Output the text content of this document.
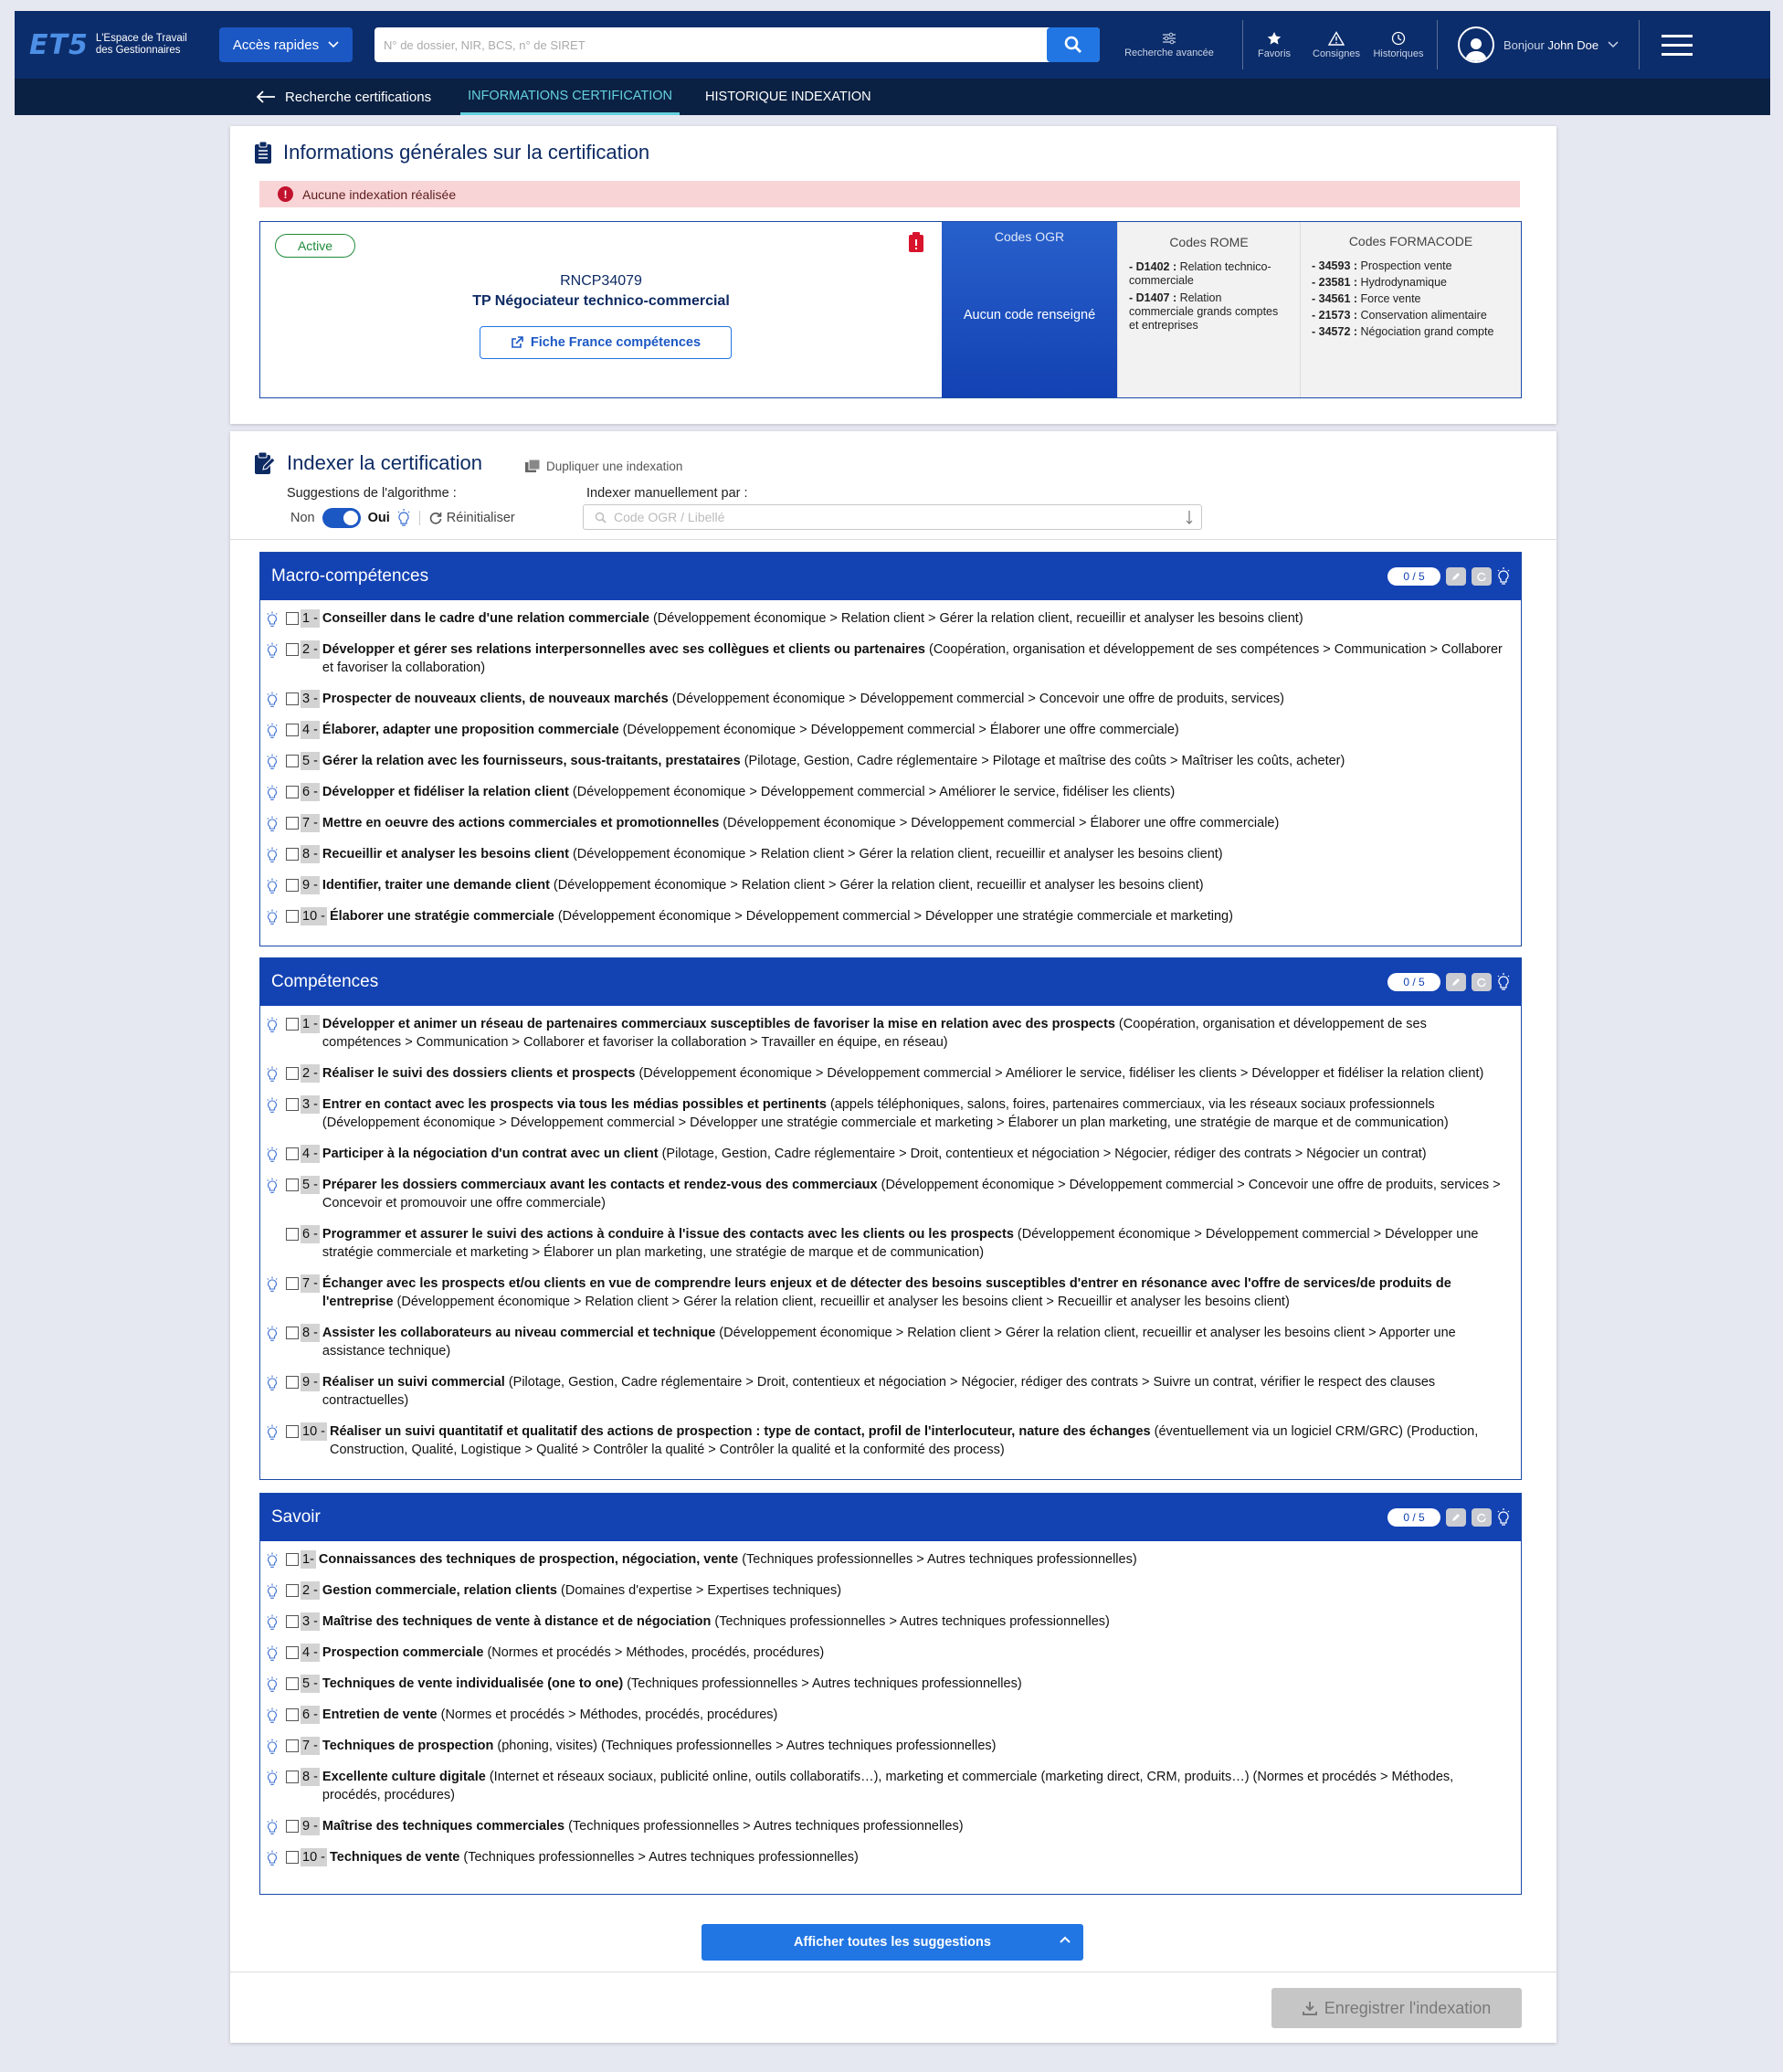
ET5 L'Espace de Travail des Gestionnaires	Accès rapides
N° de dossier, NIR, BCS, n° de SIRET	Recherche avancée	Favoris Consignes Historiques
Bonjour John Doe
Recherche certifications	INFORMATIONS CERTIFICATION	HISTORIQUE INDEXATION
Informations générales sur la certification
!	Aucune indexation réalisée
Active
RNCP34079
TP Négociateur technico-commercial
Fiche France compétences
Codes OGR
Aucun code renseigné
Codes ROME
- D1402 : Relation technico-commerciale
- D1407 : Relation commerciale grands comptes et entreprises
Codes FORMACODE
- 34593 : Prospection vente
- 23581 : Hydrodynamique
- 34561 : Force vente
- 21573 : Conservation alimentaire
- 34572 : Négociation grand compte
Indexer la certification	Dupliquer une indexation
Suggestions de l'algorithme :
Non	Oui	Réinitialiser
Indexer manuellement par :
Code OGR / Libellé
Macro-compétences	0 / 5
1 - Conseiller dans le cadre d'une relation commerciale (Développement économique > Relation client > Gérer la relation client, recueillir et analyser les besoins client)
2 - Développer et gérer ses relations interpersonnelles avec ses collègues et clients ou partenaires (Coopération, organisation et développement de ses compétences > Communication > Collaborer et favoriser la collaboration)
3 - Prospecter de nouveaux clients, de nouveaux marchés (Développement économique > Développement commercial > Concevoir une offre de produits, services)
4 - Élaborer, adapter une proposition commerciale (Développement économique > Développement commercial > Élaborer une offre commerciale)
5 - Gérer la relation avec les fournisseurs, sous-traitants, prestataires (Pilotage, Gestion, Cadre réglementaire > Pilotage et maîtrise des coûts > Maîtriser les coûts, acheter)
6 - Développer et fidéliser la relation client (Développement économique > Développement commercial > Améliorer le service, fidéliser les clients)
7 - Mettre en oeuvre des actions commerciales et promotionnelles (Développement économique > Développement commercial > Élaborer une offre commerciale)
8 - Recueillir et analyser les besoins client (Développement économique > Relation client > Gérer la relation client, recueillir et analyser les besoins client)
9 - Identifier, traiter une demande client (Développement économique > Relation client > Gérer la relation client, recueillir et analyser les besoins client)
10 - Élaborer une stratégie commerciale (Développement économique > Développement commercial > Développer une stratégie commerciale et marketing)
Compétences	0 / 5
1 - Développer et animer un réseau de partenaires commerciaux susceptibles de favoriser la mise en relation avec des prospects (Coopération, organisation et développement de ses compétences > Communication > Collaborer et favoriser la collaboration > Travailler en équipe, en réseau)
2 - Réaliser le suivi des dossiers clients et prospects (Développement économique > Développement commercial > Améliorer le service, fidéliser les clients > Développer et fidéliser la relation client)
3 - Entrer en contact avec les prospects via tous les médias possibles et pertinents (appels téléphoniques, salons, foires, partenaires commerciaux, via les réseaux sociaux professionnels (Développement économique > Développement commercial > Développer une stratégie commerciale et marketing > Élaborer un plan marketing, une stratégie de marque et de communication)
4 - Participer à la négociation d'un contrat avec un client (Pilotage, Gestion, Cadre réglementaire > Droit, contentieux et négociation > Négocier, rédiger des contrats > Négocier un contrat)
5 - Préparer les dossiers commerciaux avant les contacts et rendez-vous des commerciaux (Développement économique > Développement commercial > Concevoir une offre de produits, services > Concevoir et promouvoir une offre commerciale)
6 - Programmer et assurer le suivi des actions à conduire à l'issue des contacts avec les clients ou les prospects (Développement économique > Développement commercial > Développer une stratégie commerciale et marketing > Élaborer un plan marketing, une stratégie de marque et de communication)
7 - Échanger avec les prospects et/ou clients en vue de comprendre leurs enjeux et de détecter des besoins susceptibles d'entrer en résonance avec l'offre de services/de produits de l'entreprise (Développement économique > Relation client > Gérer la relation client, recueillir et analyser les besoins client > Recueillir et analyser les besoins client)
8 - Assister les collaborateurs au niveau commercial et technique (Développement économique > Relation client > Gérer la relation client, recueillir et analyser les besoins client > Apporter une assistance technique)
9 - Réaliser un suivi commercial (Pilotage, Gestion, Cadre réglementaire > Droit, contentieux et négociation > Négocier, rédiger des contrats > Suivre un contrat, vérifier le respect des clauses contractuelles)
10 - Réaliser un suivi quantitatif et qualitatif des actions de prospection : type de contact, profil de l'interlocuteur, nature des échanges (éventuellement via un logiciel CRM/GRC) (Production, Construction, Qualité, Logistique > Qualité > Contrôler la qualité > Contrôler la qualité et la conformité des process)
Savoir	0 / 5
1- Connaissances des techniques de prospection, négociation, vente (Techniques professionnelles > Autres techniques professionnelles)
2 - Gestion commerciale, relation clients (Domaines d'expertise > Expertises techniques)
3 - Maîtrise des techniques de vente à distance et de négociation (Techniques professionnelles > Autres techniques professionnelles)
4 - Prospection commerciale (Normes et procédés > Méthodes, procédés, procédures)
5 - Techniques de vente individualisée (one to one) (Techniques professionnelles > Autres techniques professionnelles)
6 - Entretien de vente (Normes et procédés > Méthodes, procédés, procédures)
7 - Techniques de prospection (phoning, visites) (Techniques professionnelles > Autres techniques professionnelles)
8 - Excellente culture digitale (Internet et réseaux sociaux, publicité online, outils collaboratifs…), marketing et commerciale (marketing direct, CRM, produits…) (Normes et procédés > Méthodes, procédés, procédures)
9 - Maîtrise des techniques commerciales (Techniques professionnelles > Autres techniques professionnelles)
10 - Techniques de vente (Techniques professionnelles > Autres techniques professionnelles)
Afficher toutes les suggestions
Enregistrer l'indexation
